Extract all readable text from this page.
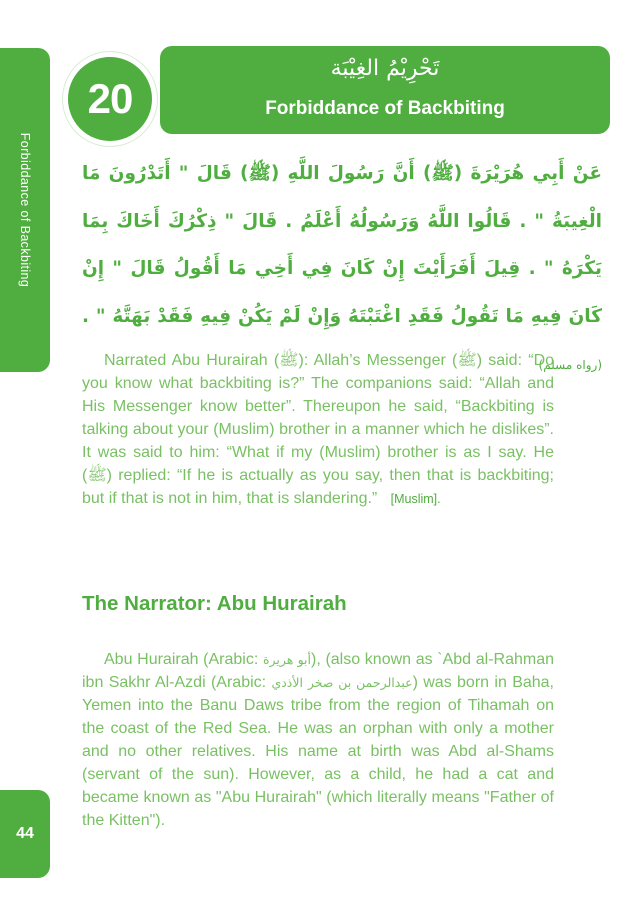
Forbiddance of Backbiting
44
تَحْرِيْمُ الغِيْبَة
Forbiddance of Backbiting
20
عَنْ أَبِي هُرَيْرَةَ (ﷺ) أَنَّ رَسُولَ اللَّهِ (ﷺ) قَالَ " أَتَدْرُونَ مَا الْغِيبَةُ " . قَالُوا اللَّهُ وَرَسُولُهُ أَعْلَمُ . قَالَ " ذِكْرُكَ أَخَاكَ بِمَا يَكْرَهُ " . قِيلَ أَفَرَأَيْتَ إِنْ كَانَ فِي أَخِي مَا أَقُولُ قَالَ " إِنْ كَانَ فِيهِ مَا تَقُولُ فَقَدِ اغْتَبْتَهُ وَإِنْ لَمْ يَكُنْ فِيهِ فَقَدْ بَهَتَّهُ " . (رواه مسلم)
Narrated Abu Hurairah (ﷺ): Allah’s Messenger (ﷺ) said: “Do you know what backbiting is?” The companions said: “Allah and His Messenger know better”. Thereupon he said, “Backbiting is talking about your (Muslim) brother in a manner which he dislikes”. It was said to him: “What if my (Muslim) brother is as I say. He (ﷺ) replied: “If he is actually as you say, then that is backbiting; but if that is not in him, that is slandering.” [Muslim].
The Narrator: Abu Hurairah
Abu Hurairah (Arabic: أبو هريرة), (also known as `Abd al-Rahman ibn Sakhr Al-Azdi (Arabic: عبدالرحمن بن صخر الأذدي) was born in Baha, Yemen into the Banu Daws tribe from the region of Tihamah on the coast of the Red Sea. He was an orphan with only a mother and no other relatives. His name at birth was Abd al-Shams (servant of the sun). However, as a child, he had a cat and became known as "Abu Hurairah" (which literally means "Father of the Kitten").
